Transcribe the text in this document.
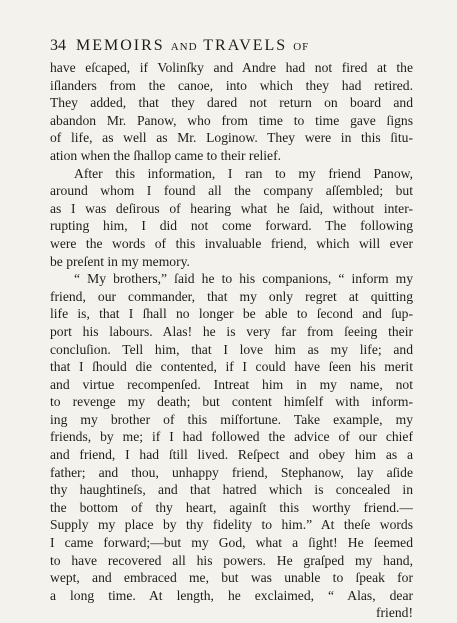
34 MEMOIRS AND TRAVELS OF
have eſcaped, if Volinſky and Andre had not fired at the
iſlanders from the canoe, into which they had retired.
They added, that they dared not return on board and
abandon Mr. Panow, who from time to time gave ſigns
of life, as well as Mr. Loginow. They were in this ſitu-
ation when the ſhallop came to their relief.
After this information, I ran to my friend Panow,
around whom I found all the company aſſembled; but
as I was deſirous of hearing what he ſaid, without inter-
rupting him, I did not come forward. The following
were the words of this invaluable friend, which will ever
be preſent in my memory.
“ My brothers,” ſaid he to his companions, “ inform my
friend, our commander, that my only regret at quitting
life is, that I ſhall no longer be able to ſecond and ſup-
port his labours. Alas! he is very far from ſeeing their
concluſion. Tell him, that I love him as my life; and
that I ſhould die contented, if I could have ſeen his merit
and virtue recompenſed. Intreat him in my name, not
to revenge my death; but content himſelf with inform-
ing my brother of this miſfortune. Take example, my
friends, by me; if I had followed the advice of our chief
and friend, I had ſtill lived. Reſpect and obey him as a
father; and thou, unhappy friend, Stephanow, lay aſide
thy haughtineſs, and that hatred which is concealed in
the bottom of thy heart, againſt this worthy friend.—
Supply my place by thy fidelity to him.” At theſe words
I came forward;—but my God, what a ſight! He ſeemed
to have recovered all his powers. He graſped my hand,
wept, and embraced me, but was unable to ſpeak for
a long time. At length, he exclaimed, “ Alas, dear
friend!
